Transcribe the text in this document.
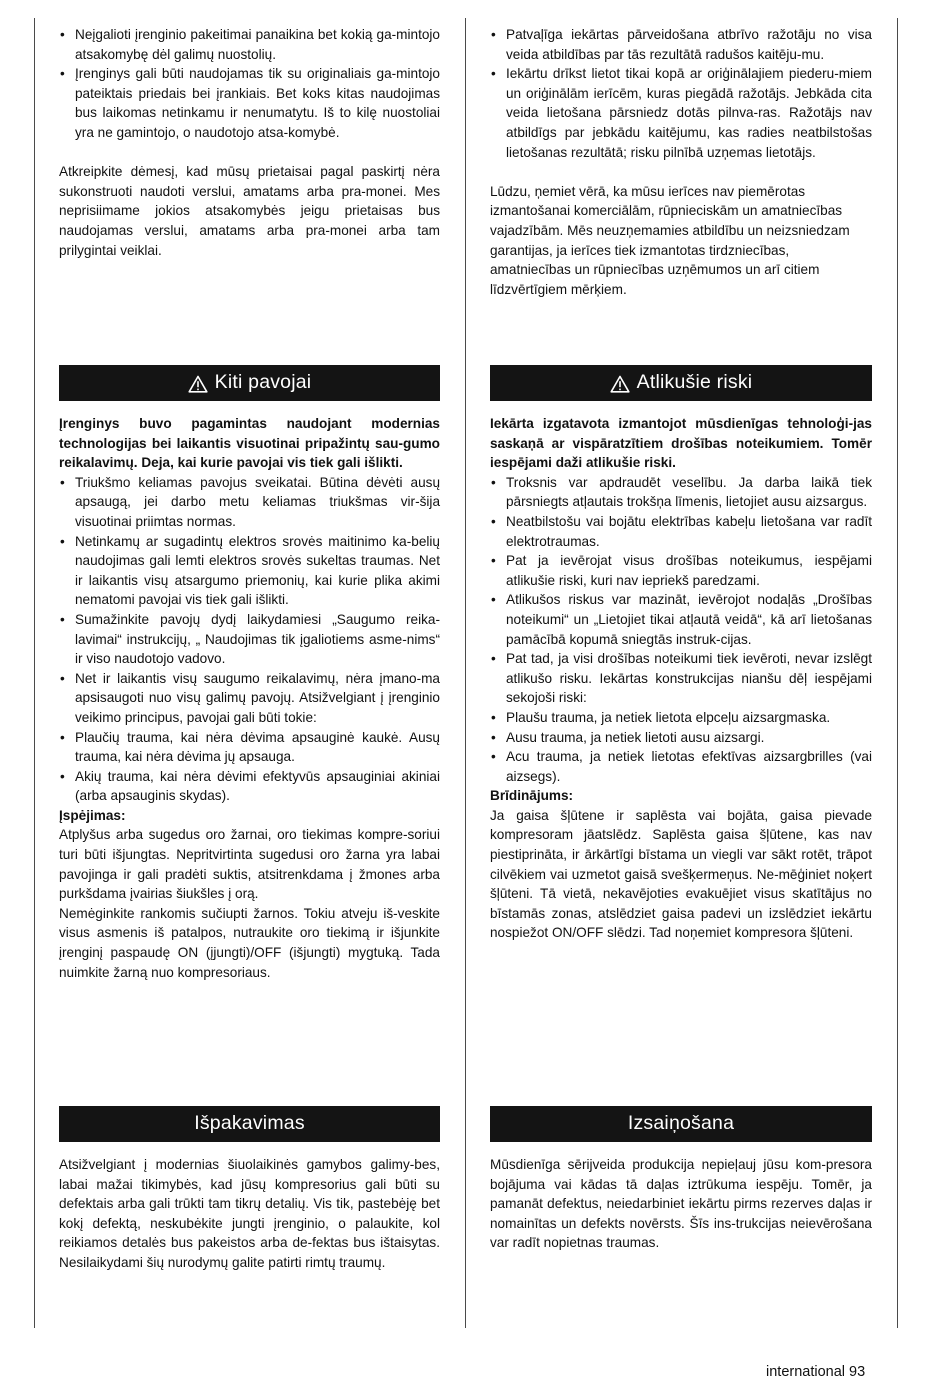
• Neįgalioti įrenginio pakeitimai panaikina bet kokią ga-mintojo atsakomybę dėl galimų nuostolių.
• Įrenginys gali būti naudojamas tik su originaliais ga-mintojo pateiktais priedais bei įrankiais. Bet koks kitas naudojimas bus laikomas netinkamu ir nenumatytu. Iš to kilę nuostoliai yra ne gamintojo, o naudotojo atsa-komybė.

Atkreipkite dėmesį, kad mūsų prietaisai pagal paskirtį nėra sukonstruoti naudoti verslui, amatams arba pra-monei. Mes neprisiimame jokios atsakomybės jeigu prietaisas bus naudojamas verslui, amatams arba pra-monei arba tam prilygintai veiklai.

Kiti pavojai

Įrenginys buvo pagamintas naudojant modernias technologijas bei laikantis visuotinai pripažintų sau-gumo reikalavimų. Deja, kai kurie pavojai vis tiek gali išlikti.

• Triukšmo keliamas pavojus sveikatai. Būtina dėvėti ausų apsaugą, jei darbo metu keliamas triukšmas vir-šija visuotinai priimtas normas.
• Netinkamų ar sugadintų elektros srovės maitinimo ka-belių naudojimas gali lemti elektros srovės sukeltas traumas. Net ir laikantis visų atsargumo priemonių, kai kurie plika akimi nematomi pavojai vis tiek gali išlikti.
• Sumažinkite pavojų dydį laikydamiesi „Saugumo reika-lavimai“ instrukcijų, „ Naudojimas tik įgaliotiems asme-nims“ ir viso naudotojo vadovo.
• Net ir laikantis visų saugumo reikalavimų, nėra įmano-ma apsisaugoti nuo visų galimų pavojų. Atsižvelgiant į įrenginio veikimo principus, pavojai gali būti tokie:
• Plaučių trauma, kai nėra dėvima apsauginė kaukė. Ausų trauma, kai nėra dėvima jų apsauga.
• Akių trauma, kai nėra dėvimi efektyvūs apsauginiai akiniai (arba apsauginis skydas).

Įspėjimas:

Atplyšus arba sugedus oro žarnai, oro tiekimas kompre-soriui turi būti išjungtas. Nepritvirtinta sugedusi oro žarna yra labai pavojinga ir gali pradėti suktis, atsitrenkdama į žmones arba purkšdama įvairias šiukšles į orą.

Nemėginkite rankomis sučiupti žarnos. Tokiu atveju iš-veskite visus asmenis iš patalpos, nutraukite oro tiekimą ir išjunkite įrenginį paspaudę ON (įjungti)/OFF (išjungti) mygtuką. Tada nuimkite žarną nuo kompresoriaus.

Išpakavimas

Atsižvelgiant į modernias šiuolaikinės gamybos galimy-bes, labai mažai tikimybės, kad jūsų kompresorius gali būti su defektais arba gali trūkti tam tikrų detalių. Vis tik, pastebėję bet kokį defektą, neskubėkite jungti įrenginio, o palaukite, kol reikiamos detalės bus pakeistos arba de-fektas bus ištaisytas. Nesilaikydami šių nurodymų galite patirti rimtų traumų.

• Patvaļīga iekārtas pārveidošana atbrīvo ražotāju no visa veida atbildības par tās rezultātā radušos kaitēju-mu.
• Iekārtu drīkst lietot tikai kopā ar oriģinālajiem piederu-miem un oriģinālām ierīcēm, kuras piegādā ražotājs. Jebkāda cita veida lietošana pārsniedz dotās pilnva-ras. Ražotājs nav atbildīgs par jebkādu kaitējumu, kas radies neatbilstošas lietošanas rezultātā; risku pilnībā uzņemas lietotājs.

Lūdzu, ņemiet vērā, ka mūsu ierīces nav piemērotas izmantošanai komerciālām, rūpnieciskām un amatniecības vajadzībām. Mēs neuzņemamies atbildību un neizsniedzam garantijas, ja ierīces tiek izmantotas tirdzniecības, amatniecības un rūpniecības uzņēmumos un arī citiem līdzvērtīgiem mērķiem.

Atlikušie riski

Iekārta izgatavota izmantojot mūsdienīgas tehnoloģi-jas saskaņā ar vispāratzītiem drošības noteikumiem. Tomēr iespējami daži atlikušie riski.

• Troksnis var apdraudēt veselību. Ja darba laikā tiek pārsniegts atļautais trokšņa līmenis, lietojiet ausu aizsargus.
• Neatbilstošu vai bojātu elektrības kabeļu lietošana var radīt elektrotraumas.
• Pat ja ievērojat visus drošības noteikumus, iespējami atlikušie riski, kuri nav iepriekš paredzami.
• Atlikušos riskus var mazināt, ievērojot nodaļās „Drošības noteikumi“ un „Lietojiet tikai atļautā veidā“, kā arī lietošanas pamācībā kopumā sniegtās instruk-cijas.
• Pat tad, ja visi drošības noteikumi tiek ievēroti, nevar izslēgt atlikušo risku. Iekārtas konstrukcijas nianšu dēļ iespējami sekojoši riski:
• Plaušu trauma, ja netiek lietota elpceļu aizsargmaska.
• Ausu trauma, ja netiek lietoti ausu aizsargi.
• Acu trauma, ja netiek lietotas efektīvas aizsargbrilles (vai aizsegs).

Brīdinājums:

Ja gaisa šļūtene ir saplēsta vai bojāta, gaisa pievade kompresoram jāatslēdz. Saplēsta gaisa šļūtene, kas nav piestiprināta, ir ārkārtīgi bīstama un viegli var sākt rotēt, trāpot cilvēkiem vai uzmetot gaisā svešķermeņus. Ne-mēģiniet noķert šļūteni. Tā vietā, nekavējoties evakuējiet visus skatītājus no bīstamās zonas, atslēdziet gaisa padevi un izslēdziet iekārtu nospiežot ON/OFF slēdzi. Tad noņemiet kompresora šļūteni.

Izsaiņošana

Mūsdienīga sērijveida produkcija nepieļauj jūsu kom-presora bojājuma vai kādas tā daļas iztrūkuma iespēju. Tomēr, ja pamanāt defektus, neiedarbiniet iekārtu pirms rezerves daļas ir nomainītas un defekts novērsts. Šīs ins-trukcijas neievērošana var radīt nopietnas traumas.

international 93
